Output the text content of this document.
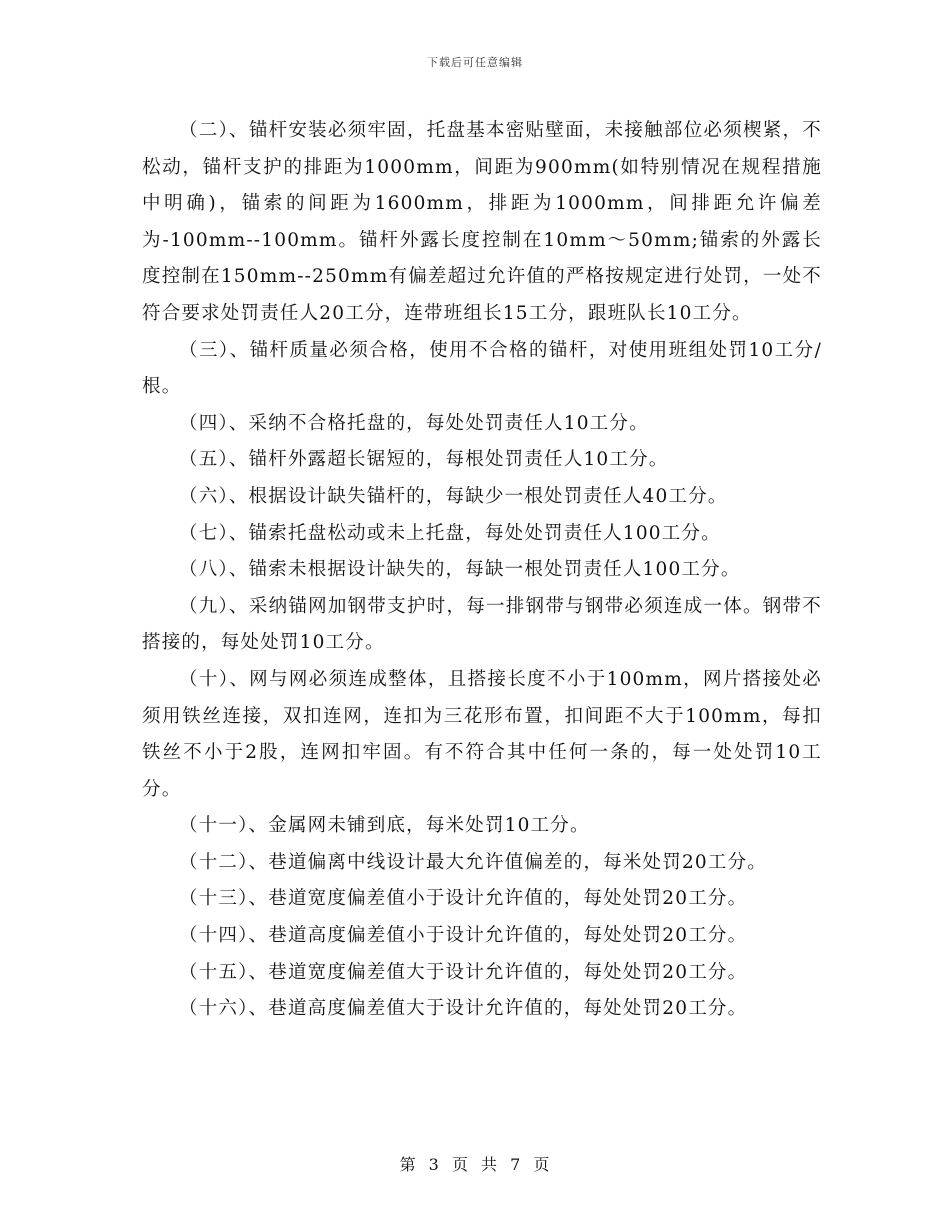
下载后可任意编辑

（二）、锚杆安装必须牢固，托盘基本密贴壁面，未接触部位必须楔紧，不松动，锚杆支护的排距为1000mm，间距为900mm(如特别情况在规程措施中明确)，锚索的间距为1600mm，排距为1000mm，间排距允许偏差为-100mm--100mm。锚杆外露长度控制在10mm～50mm;锚索的外露长度控制在150mm--250mm有偏差超过允许值的严格按规定进行处罚，一处不符合要求处罚责任人20工分，连带班组长15工分，跟班队长10工分。

（三）、锚杆质量必须合格，使用不合格的锚杆，对使用班组处罚10工分/根。

（四）、采纳不合格托盘的，每处处罚责任人10工分。

（五）、锚杆外露超长锯短的，每根处罚责任人10工分。

（六）、根据设计缺失锚杆的，每缺少一根处罚责任人40工分。

（七）、锚索托盘松动或未上托盘，每处处罚责任人100工分。

（八）、锚索未根据设计缺失的，每缺一根处罚责任人100工分。

（九）、采纳锚网加钢带支护时，每一排钢带与钢带必须连成一体。钢带不搭接的，每处处罚10工分。

（十）、网与网必须连成整体，且搭接长度不小于100mm，网片搭接处必须用铁丝连接，双扣连网，连扣为三花形布置，扣间距不大于100mm，每扣铁丝不小于2股，连网扣牢固。有不符合其中任何一条的，每一处处罚10工分。

（十一）、金属网未铺到底，每米处罚10工分。

（十二）、巷道偏离中线设计最大允许值偏差的，每米处罚20工分。

（十三）、巷道宽度偏差值小于设计允许值的，每处处罚20工分。

（十四）、巷道高度偏差值小于设计允许值的，每处处罚20工分。

（十五）、巷道宽度偏差值大于设计允许值的，每处处罚20工分。

（十六）、巷道高度偏差值大于设计允许值的，每处处罚20工分。

第 3 页 共 7 页
